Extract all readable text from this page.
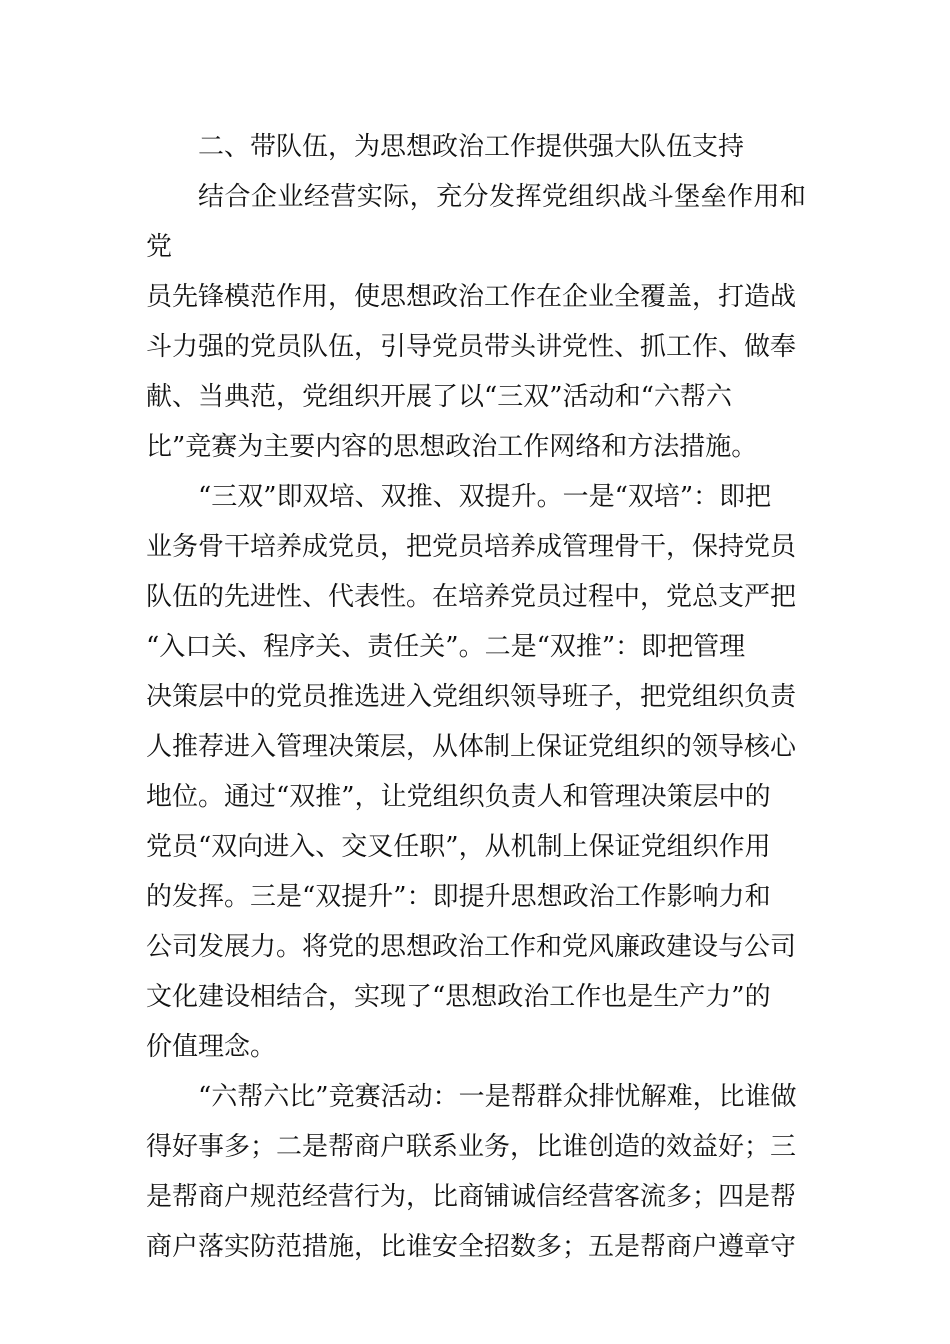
二、带队伍，为思想政治工作提供强大队伍支持

结合企业经营实际，充分发挥党组织战斗堡垒作用和党
员先锋模范作用，使思想政治工作在企业全覆盖，打造战
斗力强的党员队伍，引导党员带头讲党性、抓工作、做奉
献、当典范，党组织开展了以“三双”活动和“六帮六
比”竞赛为主要内容的思想政治工作网络和方法措施。

“三双”即双培、双推、双提升。一是“双培”：即把
业务骨干培养成党员，把党员培养成管理骨干，保持党员
队伍的先进性、代表性。在培养党员过程中，党总支严把
“入口关、程序关、责任关”。二是“双推”：即把管理
决策层中的党员推选进入党组织领导班子，把党组织负责
人推荐进入管理决策层，从体制上保证党组织的领导核心
地位。通过“双推”，让党组织负责人和管理决策层中的
党员“双向进入、交叉任职”，从机制上保证党组织作用
的发挥。三是“双提升”：即提升思想政治工作影响力和
公司发展力。将党的思想政治工作和党风廉政建设与公司
文化建设相结合，实现了“思想政治工作也是生产力”的
价值理念。

“六帮六比”竞赛活动：一是帮群众排忧解难，比谁做
得好事多；二是帮商户联系业务，比谁创造的效益好；三
是帮商户规范经营行为，比商铺诚信经营客流多；四是帮
商户落实防范措施，比谁安全招数多；五是帮商户遵章守
